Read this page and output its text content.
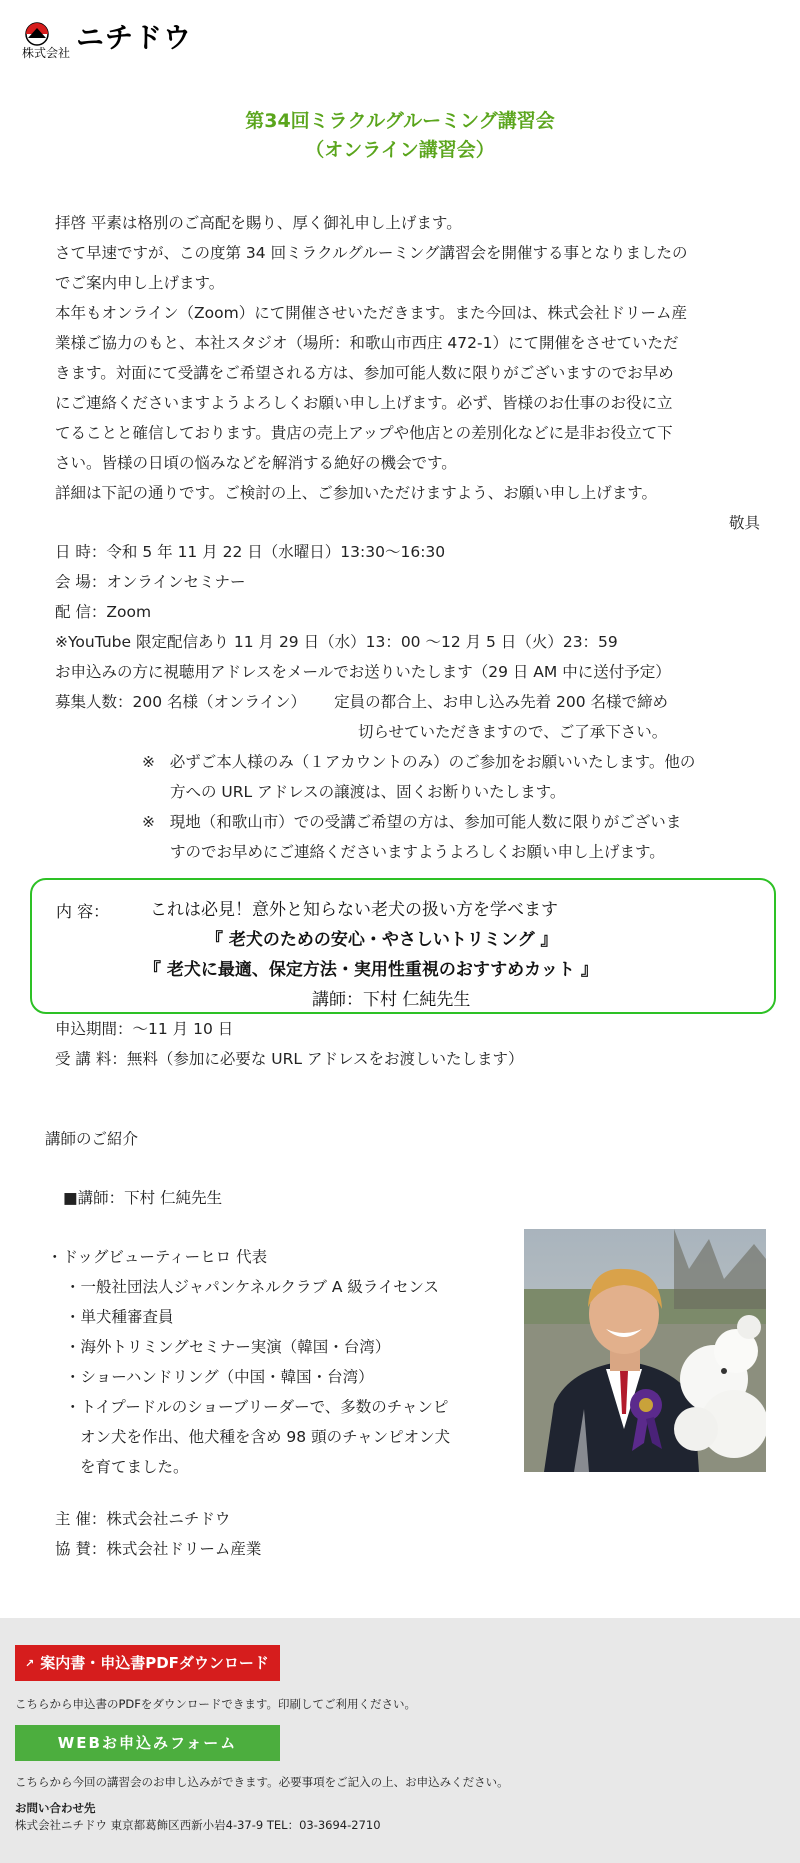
株式会社 ニチドウ
第34回ミラクルグルーミング講習会
（オンライン講習会）
拝啓 平素は格別のご高配を賜り、厚く御礼申し上げます。
さて早速ですが、この度第 34 回ミラクルグルーミング講習会を開催する事となりましたの
でご案内申し上げます。
本年もオンライン（Zoom）にて開催させいただきます。また今回は、株式会社ドリーム産
業様ご協力のもと、本社スタジオ（場所：和歌山市西庄 472-1）にて開催をさせていただ
きます。対面にて受講をご希望される方は、参加可能人数に限りがございますのでお早め
にご連絡くださいますようよろしくお願い申し上げます。必ず、皆様のお仕事のお役に立
てることと確信しております。貴店の売上アップや他店との差別化などに是非お役立て下
さい。皆様の日頃の悩みなどを解消する絶好の機会です。
詳細は下記の通りです。ご検討の上、ご参加いただけますよう、お願い申し上げます。
敬具
日 時：令和 5 年 11 月 22 日（水曜日）13:30〜16:30
会 場：オンラインセミナー
配 信：Zoom
※YouTube 限定配信あり 11 月 29 日（水）13：00 〜12 月 5 日（火）23：59
お申込みの方に視聴用アドレスをメールでお送りいたします（29 日 AM 中に送付予定）
募集人数：200 名様（オンライン） 定員の都合上、お申し込み先着 200 名様で締め
切らせていただきますので、ご了承下さい。
※ 必ずご本人様のみ（１アカウントのみ）のご参加をお願いいたします。他の
方への URL アドレスの譲渡は、固くお断りいたします。
※ 現地（和歌山市）での受講ご希望の方は、参加可能人数に限りがございま
すのでお早めにご連絡くださいますようよろしくお願い申し上げます。
内 容： これは必見！意外と知らない老犬の扱い方を学べます
『 老犬のための安心・やさしいトリミング 』
『 老犬に最適、保定方法・実用性重視のおすすめカット 』
講師：下村 仁純先生
申込期間：〜11 月 10 日
受 講 料：無料（参加に必要な URL アドレスをお渡しいたします）
講師のご紹介
■講師：下村 仁純先生
・ドッグビューティーヒロ 代表
・一般社団法人ジャパンケネルクラブ A 級ライセンス
・単犬種審査員
・海外トリミングセミナー実演（韓国・台湾）
・ショーハンドリング（中国・韓国・台湾）
・トイプードルのショーブリーダーで、多数のチャンピ
オン犬を作出、他犬種を含め 98 頭のチャンピオン犬
を育てました。
主 催：株式会社ニチドウ
協 賛：株式会社ドリーム産業
↗ 案内書・申込書PDFダウンロード
こちらから申込書のPDFをダウンロードできます。印刷してご利用ください。
WEBお申込みフォーム
こちらから今回の講習会のお申し込みができます。必要事項をご記入の上、お申込みください。
お問い合わせ先
株式会社ニチドウ 東京都葛飾区西新小岩4-37-9 TEL：03-3694-2710
